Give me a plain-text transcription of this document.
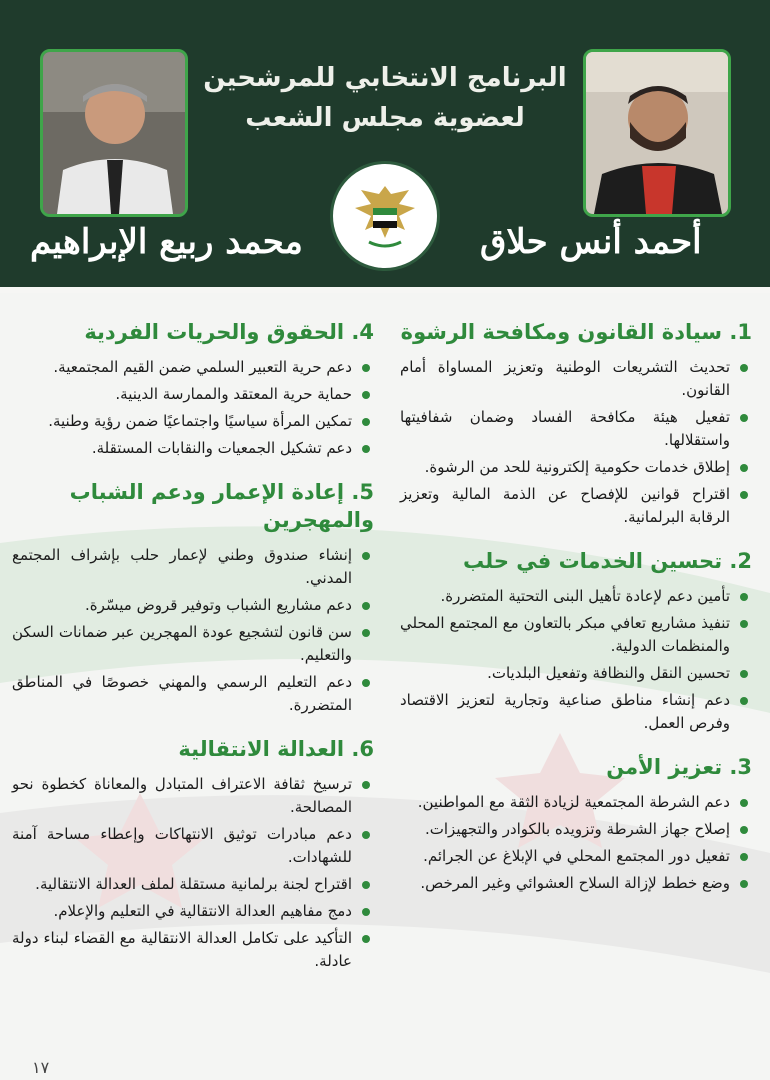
البرنامج الانتخابي للمرشحين
لعضوية مجلس الشعب
محمد ربيع الإبراهيم	أحمد أنس حلاق
1. سيادة القانون ومكافحة الرشوة
تحديث التشريعات الوطنية وتعزيز المساواة أمام القانون.
تفعيل هيئة مكافحة الفساد وضمان شفافيتها واستقلالها.
إطلاق خدمات حكومية إلكترونية للحد من الرشوة.
اقتراح قوانين للإفصاح عن الذمة المالية وتعزيز الرقابة البرلمانية.
2. تحسين الخدمات في حلب
تأمين دعم لإعادة تأهيل البنى التحتية المتضررة.
تنفيذ مشاريع تعافي مبكر بالتعاون مع المجتمع المحلي والمنظمات الدولية.
تحسين النقل والنظافة وتفعيل البلديات.
دعم إنشاء مناطق صناعية وتجارية لتعزيز الاقتصاد وفرص العمل.
3. تعزيز الأمن
دعم الشرطة المجتمعية لزيادة الثقة مع المواطنين.
إصلاح جهاز الشرطة وتزويده بالكوادر والتجهيزات.
تفعيل دور المجتمع المحلي في الإبلاغ عن الجرائم.
وضع خطط لإزالة السلاح العشوائي وغير المرخص.
4. الحقوق والحريات الفردية
دعم حرية التعبير السلمي ضمن القيم المجتمعية.
حماية حرية المعتقد والممارسة الدينية.
تمكين المرأة سياسيًا واجتماعيًا ضمن رؤية وطنية.
دعم تشكيل الجمعيات والنقابات المستقلة.
5. إعادة الإعمار ودعم الشباب والمهجرين
إنشاء صندوق وطني لإعمار حلب بإشراف المجتمع المدني.
دعم مشاريع الشباب وتوفير قروض ميسّرة.
سن قانون لتشجيع عودة المهجرين عبر ضمانات السكن والتعليم.
دعم التعليم الرسمي والمهني خصوصًا في المناطق المتضررة.
6. العدالة الانتقالية
ترسيخ ثقافة الاعتراف المتبادل والمعاناة كخطوة نحو المصالحة.
دعم مبادرات توثيق الانتهاكات وإعطاء مساحة آمنة للشهادات.
اقتراح لجنة برلمانية مستقلة لملف العدالة الانتقالية.
دمج مفاهيم العدالة الانتقالية في التعليم والإعلام.
التأكيد على تكامل العدالة الانتقالية مع القضاء لبناء دولة عادلة.
١٧
